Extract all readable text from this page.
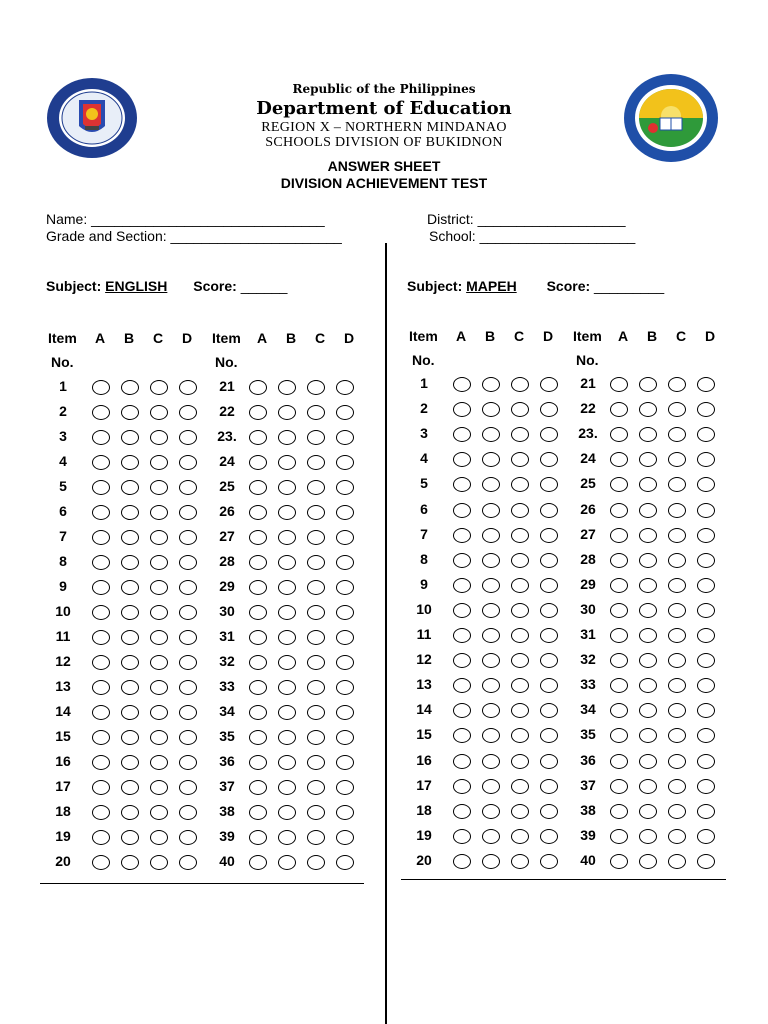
Republic of the Philippines
Department of Education
REGION X – NORTHERN MINDANAO
SCHOOLS DIVISION OF BUKIDNON
ANSWER SHEET
DIVISION ACHIEVEMENT TEST
Name: ______________________________
Grade and Section: ______________________
District: ___________________
School: ____________________
Subject: ENGLISH Score: ______	Subject: MAPEH Score: _________
Item
No.
A B C D
1
2
3
4
5
6
7
8
9
10
11
12
13
14
15
16
17
18
19
20
Item
No.
A B C D
21
22
23.
24
25
26
27
28
29
30
31
32
33
34
35
36
37
38
39
40
Item
No.
A B C D
1
2
3
4
5
6
7
8
9
10
11
12
13
14
15
16
17
18
19
20
Item
No.
A B C D
21
22
23.
24
25
26
27
28
29
30
31
32
33
34
35
36
37
38
39
40
